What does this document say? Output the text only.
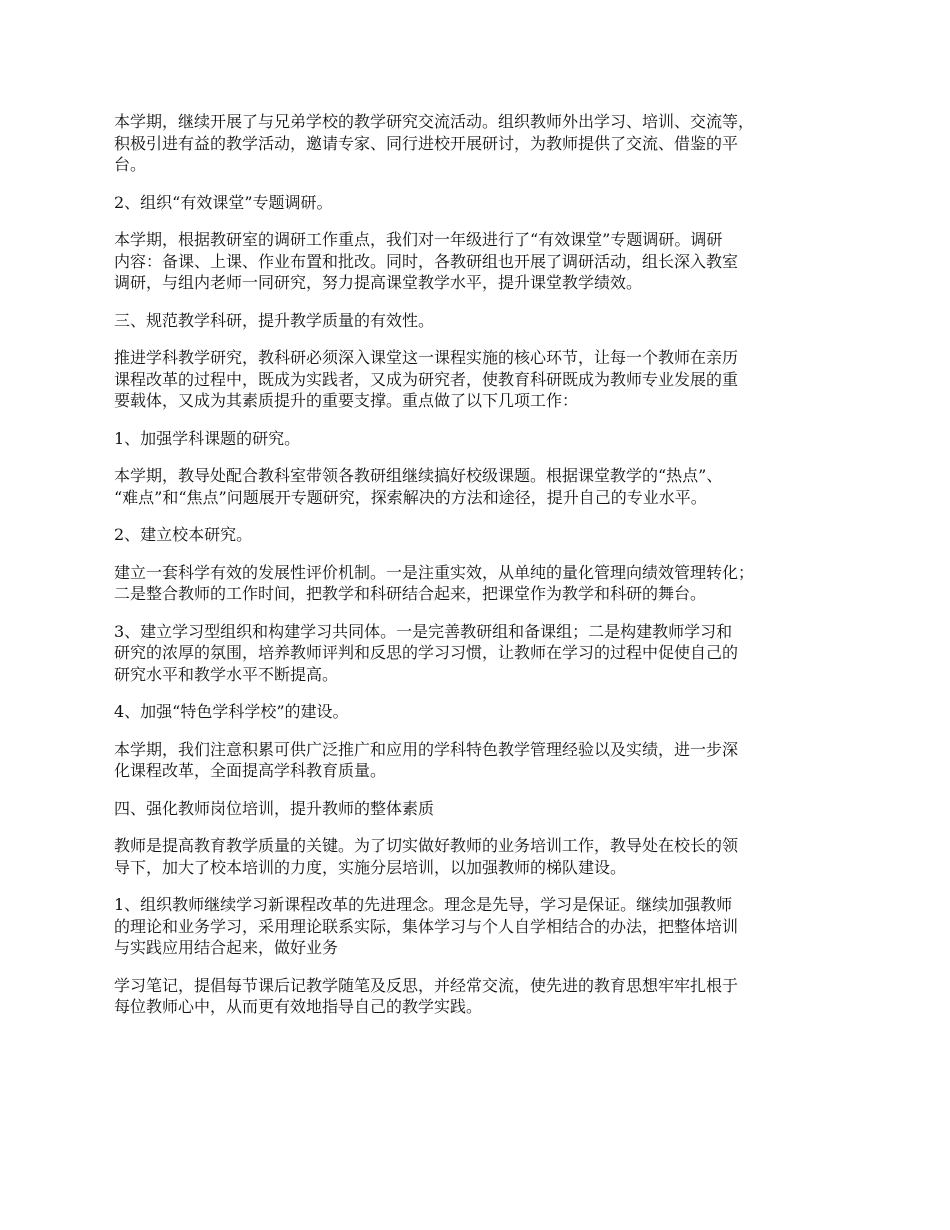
本学期，继续开展了与兄弟学校的教学研究交流活动。组织教师外出学习、培训、交流等，
积极引进有益的教学活动，邀请专家、同行进校开展研讨，为教师提供了交流、借鉴的平
台。

2、组织“有效课堂”专题调研。

本学期，根据教研室的调研工作重点，我们对一年级进行了“有效课堂”专题调研。调研
内容：备课、上课、作业布置和批改。同时，各教研组也开展了调研活动，组长深入教室
调研，与组内老师一同研究，努力提高课堂教学水平，提升课堂教学绩效。

三、规范教学科研，提升教学质量的有效性。

推进学科教学研究，教科研必须深入课堂这一课程实施的核心环节，让每一个教师在亲历
课程改革的过程中，既成为实践者，又成为研究者，使教育科研既成为教师专业发展的重
要载体，又成为其素质提升的重要支撑。重点做了以下几项工作：

1、加强学科课题的研究。

本学期，教导处配合教科室带领各教研组继续搞好校级课题。根据课堂教学的“热点”、
“难点”和“焦点”问题展开专题研究，探索解决的方法和途径，提升自己的专业水平。

2、建立校本研究。

建立一套科学有效的发展性评价机制。一是注重实效，从单纯的量化管理向绩效管理转化；
二是整合教师的工作时间，把教学和科研结合起来，把课堂作为教学和科研的舞台。

3、建立学习型组织和构建学习共同体。一是完善教研组和备课组；二是构建教师学习和
研究的浓厚的氛围，培养教师评判和反思的学习习惯，让教师在学习的过程中促使自己的
研究水平和教学水平不断提高。

4、加强“特色学科学校”的建设。

本学期，我们注意积累可供广泛推广和应用的学科特色教学管理经验以及实绩，进一步深
化课程改革，全面提高学科教育质量。

四、强化教师岗位培训，提升教师的整体素质

教师是提高教育教学质量的关键。为了切实做好教师的业务培训工作，教导处在校长的领
导下，加大了校本培训的力度，实施分层培训，以加强教师的梯队建设。

1、组织教师继续学习新课程改革的先进理念。理念是先导，学习是保证。继续加强教师
的理论和业务学习，采用理论联系实际，集体学习与个人自学相结合的办法，把整体培训
与实践应用结合起来，做好业务

学习笔记，提倡每节课后记教学随笔及反思，并经常交流，使先进的教育思想牢牢扎根于
每位教师心中，从而更有效地指导自己的教学实践。
